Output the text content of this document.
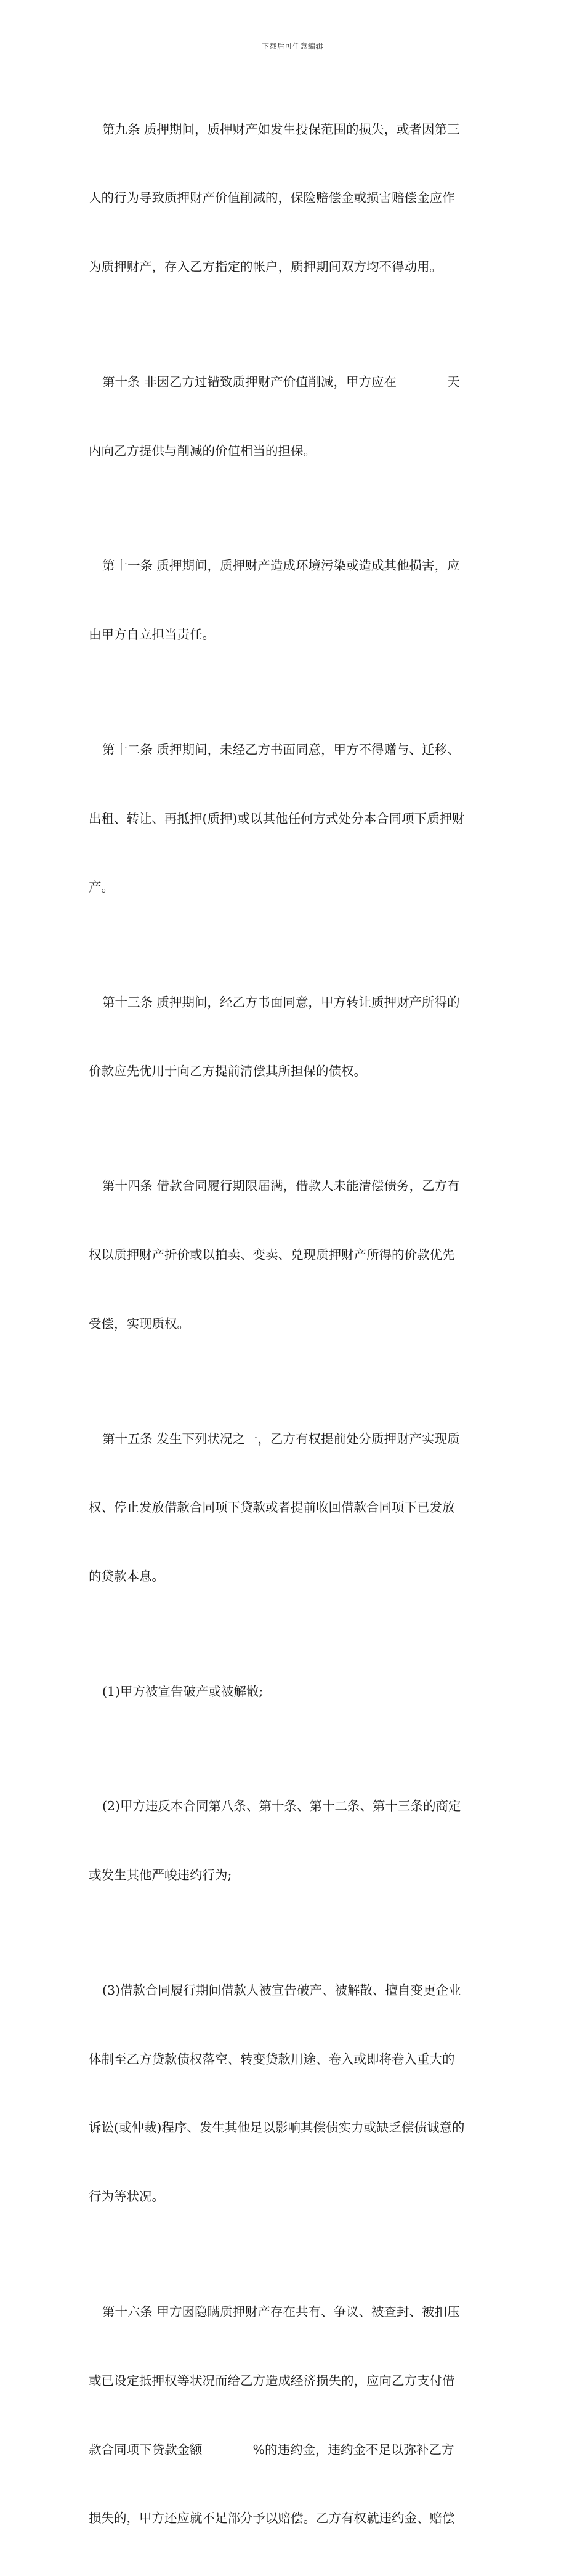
下载后可任意编辑

第九条 质押期间，质押财产如发生投保范围的损失，或者因第三

人的行为导致质押财产价值削减的，保险赔偿金或损害赔偿金应作

为质押财产，存入乙方指定的帐户，质押期间双方均不得动用。

第十条 非因乙方过错致质押财产价值削减，甲方应在________天

内向乙方提供与削减的价值相当的担保。

第十一条 质押期间，质押财产造成环境污染或造成其他损害，应

由甲方自立担当责任。

第十二条 质押期间，未经乙方书面同意，甲方不得赠与、迁移、

出租、转让、再抵押(质押)或以其他任何方式处分本合同项下质押财

产。

第十三条 质押期间，经乙方书面同意，甲方转让质押财产所得的

价款应先优用于向乙方提前清偿其所担保的债权。

第十四条 借款合同履行期限届满，借款人未能清偿债务，乙方有

权以质押财产折价或以拍卖、变卖、兑现质押财产所得的价款优先

受偿，实现质权。

第十五条 发生下列状况之一，乙方有权提前处分质押财产实现质

权、停止发放借款合同项下贷款或者提前收回借款合同项下已发放

的贷款本息。

(1)甲方被宣告破产或被解散;

(2)甲方违反本合同第八条、第十条、第十二条、第十三条的商定

或发生其他严峻违约行为;

(3)借款合同履行期间借款人被宣告破产、被解散、擅自变更企业

体制至乙方贷款债权落空、转变贷款用途、卷入或即将卷入重大的

诉讼(或仲裁)程序、发生其他足以影响其偿债实力或缺乏偿债诚意的

行为等状况。

第十六条 甲方因隐瞒质押财产存在共有、争议、被查封、被扣压

或已设定抵押权等状况而给乙方造成经济损失的，应向乙方支付借

款合同项下贷款金额________%的违约金，违约金不足以弥补乙方

损失的，甲方还应就不足部分予以赔偿。乙方有权就违约金、赔偿
